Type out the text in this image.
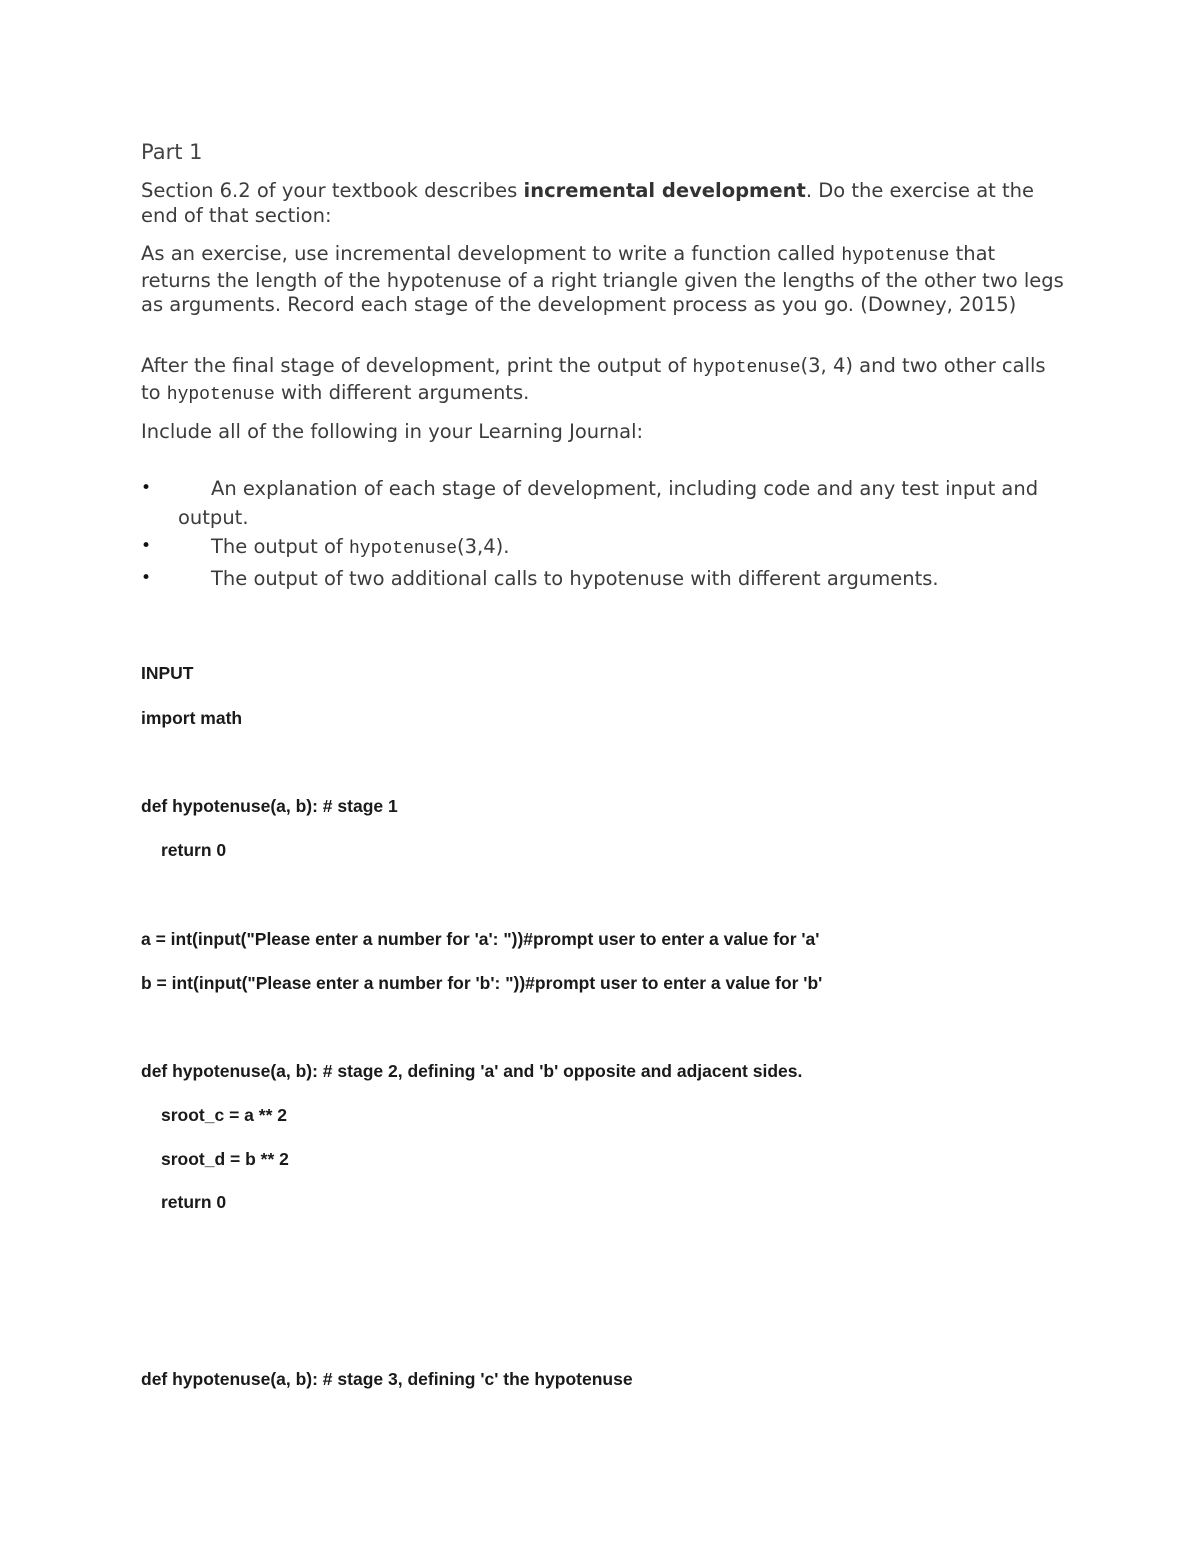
Part 1

Section 6.2 of your textbook describes incremental development. Do the exercise at the end of that section:

As an exercise, use incremental development to write a function called hypotenuse that returns the length of the hypotenuse of a right triangle given the lengths of the other two legs as arguments. Record each stage of the development process as you go. (Downey, 2015)

After the final stage of development, print the output of hypotenuse(3, 4) and two other calls to hypotenuse with different arguments.

Include all of the following in your Learning Journal:

•	An explanation of each stage of development, including code and any test input and output.
•	The output of hypotenuse(3,4).
•	The output of two additional calls to hypotenuse with different arguments.
INPUT
import math
def hypotenuse(a, b): # stage 1
return 0
a = int(input("Please enter a number for 'a': "))#prompt user to enter a value for 'a'
b = int(input("Please enter a number for 'b': "))#prompt user to enter a value for 'b'
def hypotenuse(a, b): # stage 2, defining 'a' and 'b' opposite and adjacent sides.
sroot_c = a ** 2
sroot_d = b ** 2
return 0
def hypotenuse(a, b): # stage 3, defining 'c' the hypotenuse
